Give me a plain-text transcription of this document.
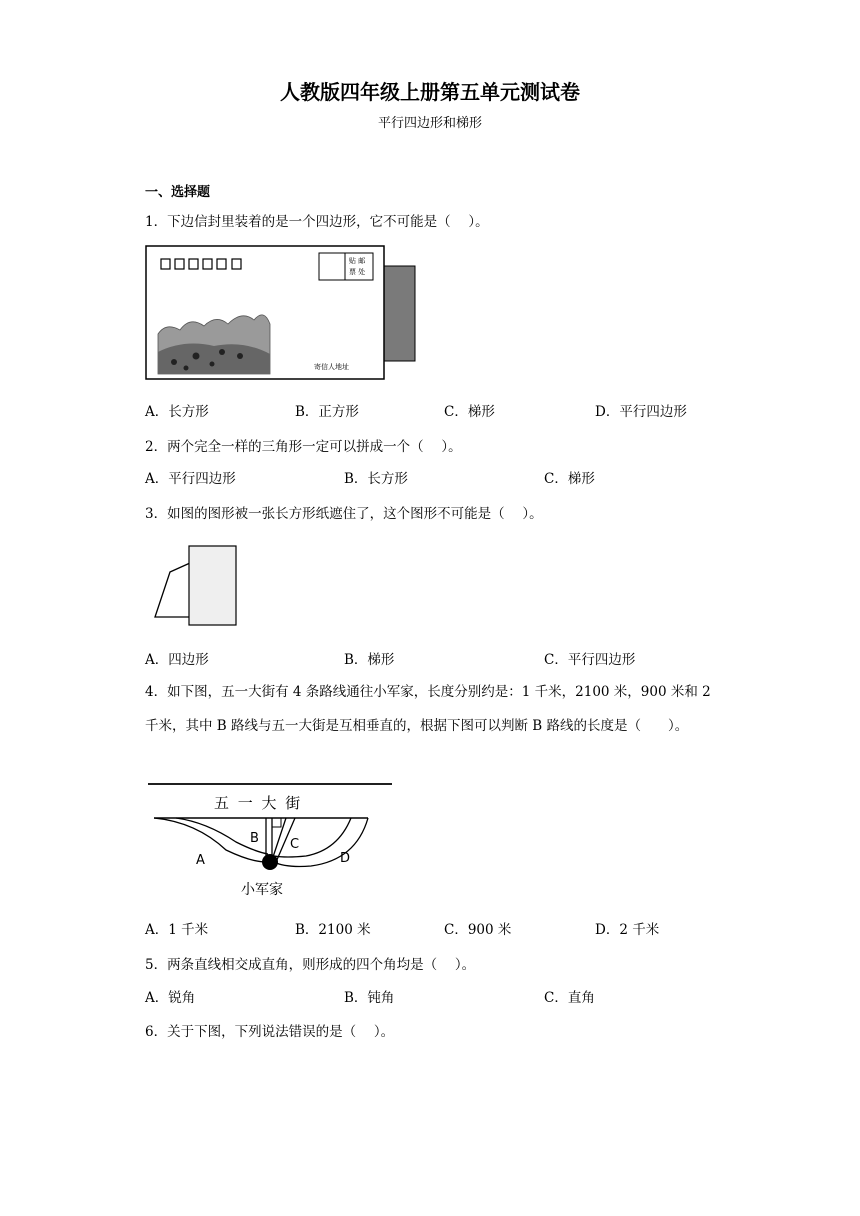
人教版四年级上册第五单元测试卷
平行四边形和梯形
一、选择题
1．下边信封里装着的是一个四边形，它不可能是（　 ）。
贴 邮
票 处
寄信人地址
A．长方形	B．正方形	C．梯形	D．平行四边形
2．两个完全一样的三角形一定可以拼成一个（　 ）。
A．平行四边形	B．长方形	C．梯形
3．如图的图形被一张长方形纸遮住了，这个图形不可能是（　 ）。
A．四边形	B．梯形	C．平行四边形
4．如下图，五一大街有 4 条路线通往小军家，长度分别约是：1 千米，2100 米，900 米和 2 千米，其中 B 路线与五一大街是互相垂直的，根据下图可以判断 B 路线的长度是（　　）。
五 一 大 街
A
B C
D
小军家
A．1 千米	B．2100 米	C．900 米	D．2 千米
5．两条直线相交成直角，则形成的四个角均是（　 ）。
A．锐角	B．钝角	C．直角
6．关于下图，下列说法错误的是（　 ）。
